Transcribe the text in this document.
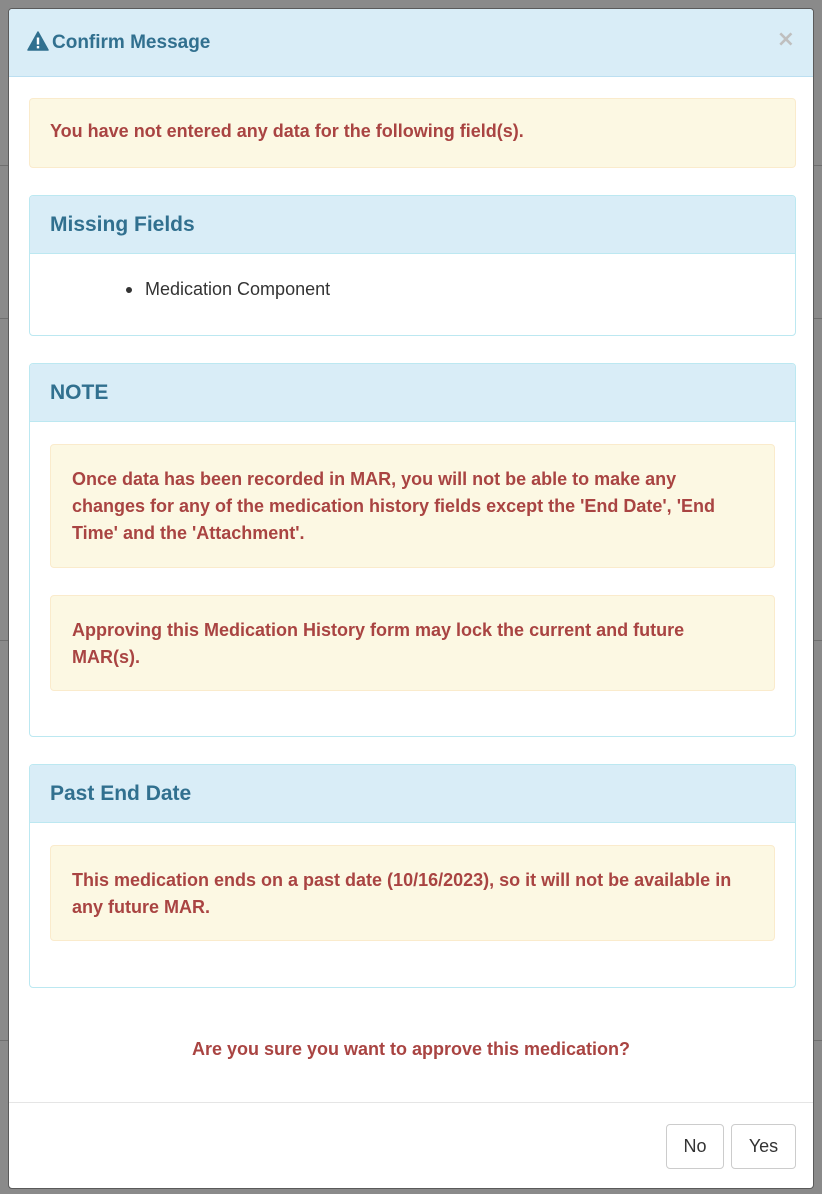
Confirm Message	×
You have not entered any data for the following field(s).
Missing Fields
Medication Component
NOTE
Once data has been recorded in MAR, you will not be able to make any changes for any of the medication history fields except the 'End Date', 'End Time' and the 'Attachment'.
Approving this Medication History form may lock the current and future MAR(s).
Past End Date
This medication ends on a past date (10/16/2023), so it will not be available in any future MAR.
Are you sure you want to approve this medication?
No	Yes
